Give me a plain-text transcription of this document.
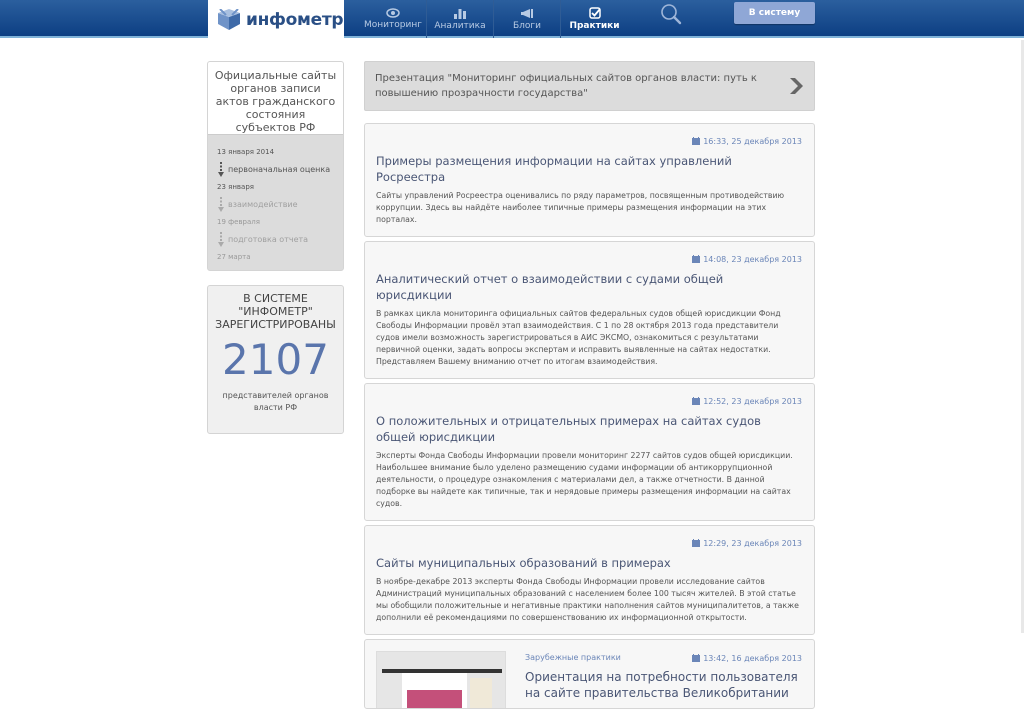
инфометр Мониторинг Аналитика	Блоги	Практики
В систему
Официальные сайты органов записи актов гражданского состояния субъектов РФ
13 января 2014
первоначальная оценка
23 января
взаимодействие
19 февраля
подготовка отчета
27 марта
В СИСТЕМЕ "ИНФОМЕТР" ЗАРЕГИСТРИРОВАНЫ
2107
представителей органов власти РФ
Презентация "Мониторинг официальных сайтов органов власти: путь к повышению прозрачности государства"
16:33, 25 декабря 2013
Примеры размещения информации на сайтах управлений Росреестра
Сайты управлений Росреестра оценивались по ряду параметров, посвященным противодействию коррупции. Здесь вы найдёте наиболее типичные примеры размещения информации на этих порталах.
14:08, 23 декабря 2013
Аналитический отчет о взаимодействии с судами общей юрисдикции
В рамках цикла мониторинга официальных сайтов федеральных судов общей юрисдикции Фонд Свободы Информации провёл этап взаимодействия. С 1 по 28 октября 2013 года представители судов имели возможность зарегистрироваться в АИС ЭКСМО, ознакомиться с результатами первичной оценки, задать вопросы экспертам и исправить выявленные на сайтах недостатки. Представляем Вашему вниманию отчет по итогам взаимодействия.
12:52, 23 декабря 2013
О положительных и отрицательных примерах на сайтах судов общей юрисдикции
Эксперты Фонда Свободы Информации провели мониторинг 2277 сайтов судов общей юрисдикции. Наибольшее внимание было уделено размещению судами информации об антикоррупционной деятельности, о процедуре ознакомления с материалами дел, а также отчетности. В данной подборке вы найдете как типичные, так и нерядовые примеры размещения информации на сайтах судов.
12:29, 23 декабря 2013
Сайты муниципальных образований в примерах
В ноябре-декабре 2013 эксперты Фонда Свободы Информации провели исследование сайтов Администраций муниципальных образований с населением более 100 тысяч жителей. В этой статье мы обобщили положительные и негативные практики наполнения сайтов муниципалитетов, а также дополнили её рекомендациями по совершенствованию их информационной открытости.
Зарубежные практики	13:42, 16 декабря 2013
Ориентация на потребности пользователя на сайте правительства Великобритании
